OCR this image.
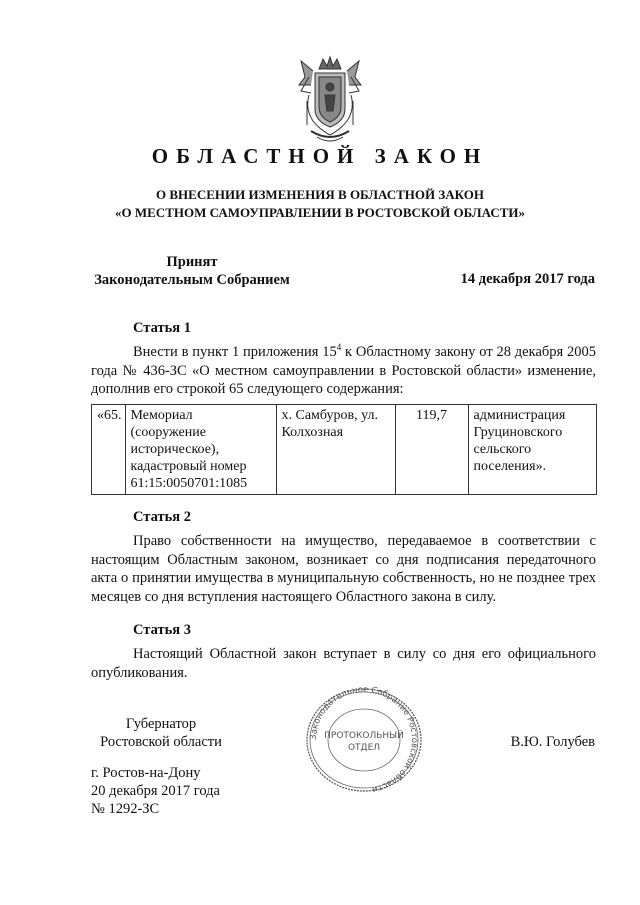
ОБЛАСТНОЙ ЗАКОН
О ВНЕСЕНИИ ИЗМЕНЕНИЯ В ОБЛАСТНОЙ ЗАКОН
«О МЕСТНОМ САМОУПРАВЛЕНИИ В РОСТОВСКОЙ ОБЛАСТИ»
Принят
Законодательным Собранием	14 декабря 2017 года
Статья 1
Внести в пункт 1 приложения $15^4$ к Областному закону от 28 декабря 2005 года № 436-ЗС «О местном самоуправлении в Ростовской области» изменение, дополнив его строкой 65 следующего содержания:
«65.	Мемориал (сооружение историческое), кадастровый номер 61:15:0050701:1085	х. Самбуров, ул. Колхозная	119,7	администрация Груциновского сельского поселения».
Статья 2
Право собственности на имущество, передаваемое в соответствии с настоящим Областным законом, возникает со дня подписания передаточного акта о принятии имущества в муниципальную собственность, но не позднее трех месяцев со дня вступления настоящего Областного закона в силу.
Статья 3
Настоящий Областной закон вступает в силу со дня его официального опубликования.
Губернатор
Ростовской области	В.Ю. Голубев
г. Ростов-на-Дону
20 декабря 2017 года
№ 1292-ЗС
Законодательное Собрание Ростовской области
ПРОТОКОЛЬНЫЙ
ОТДЕЛ
